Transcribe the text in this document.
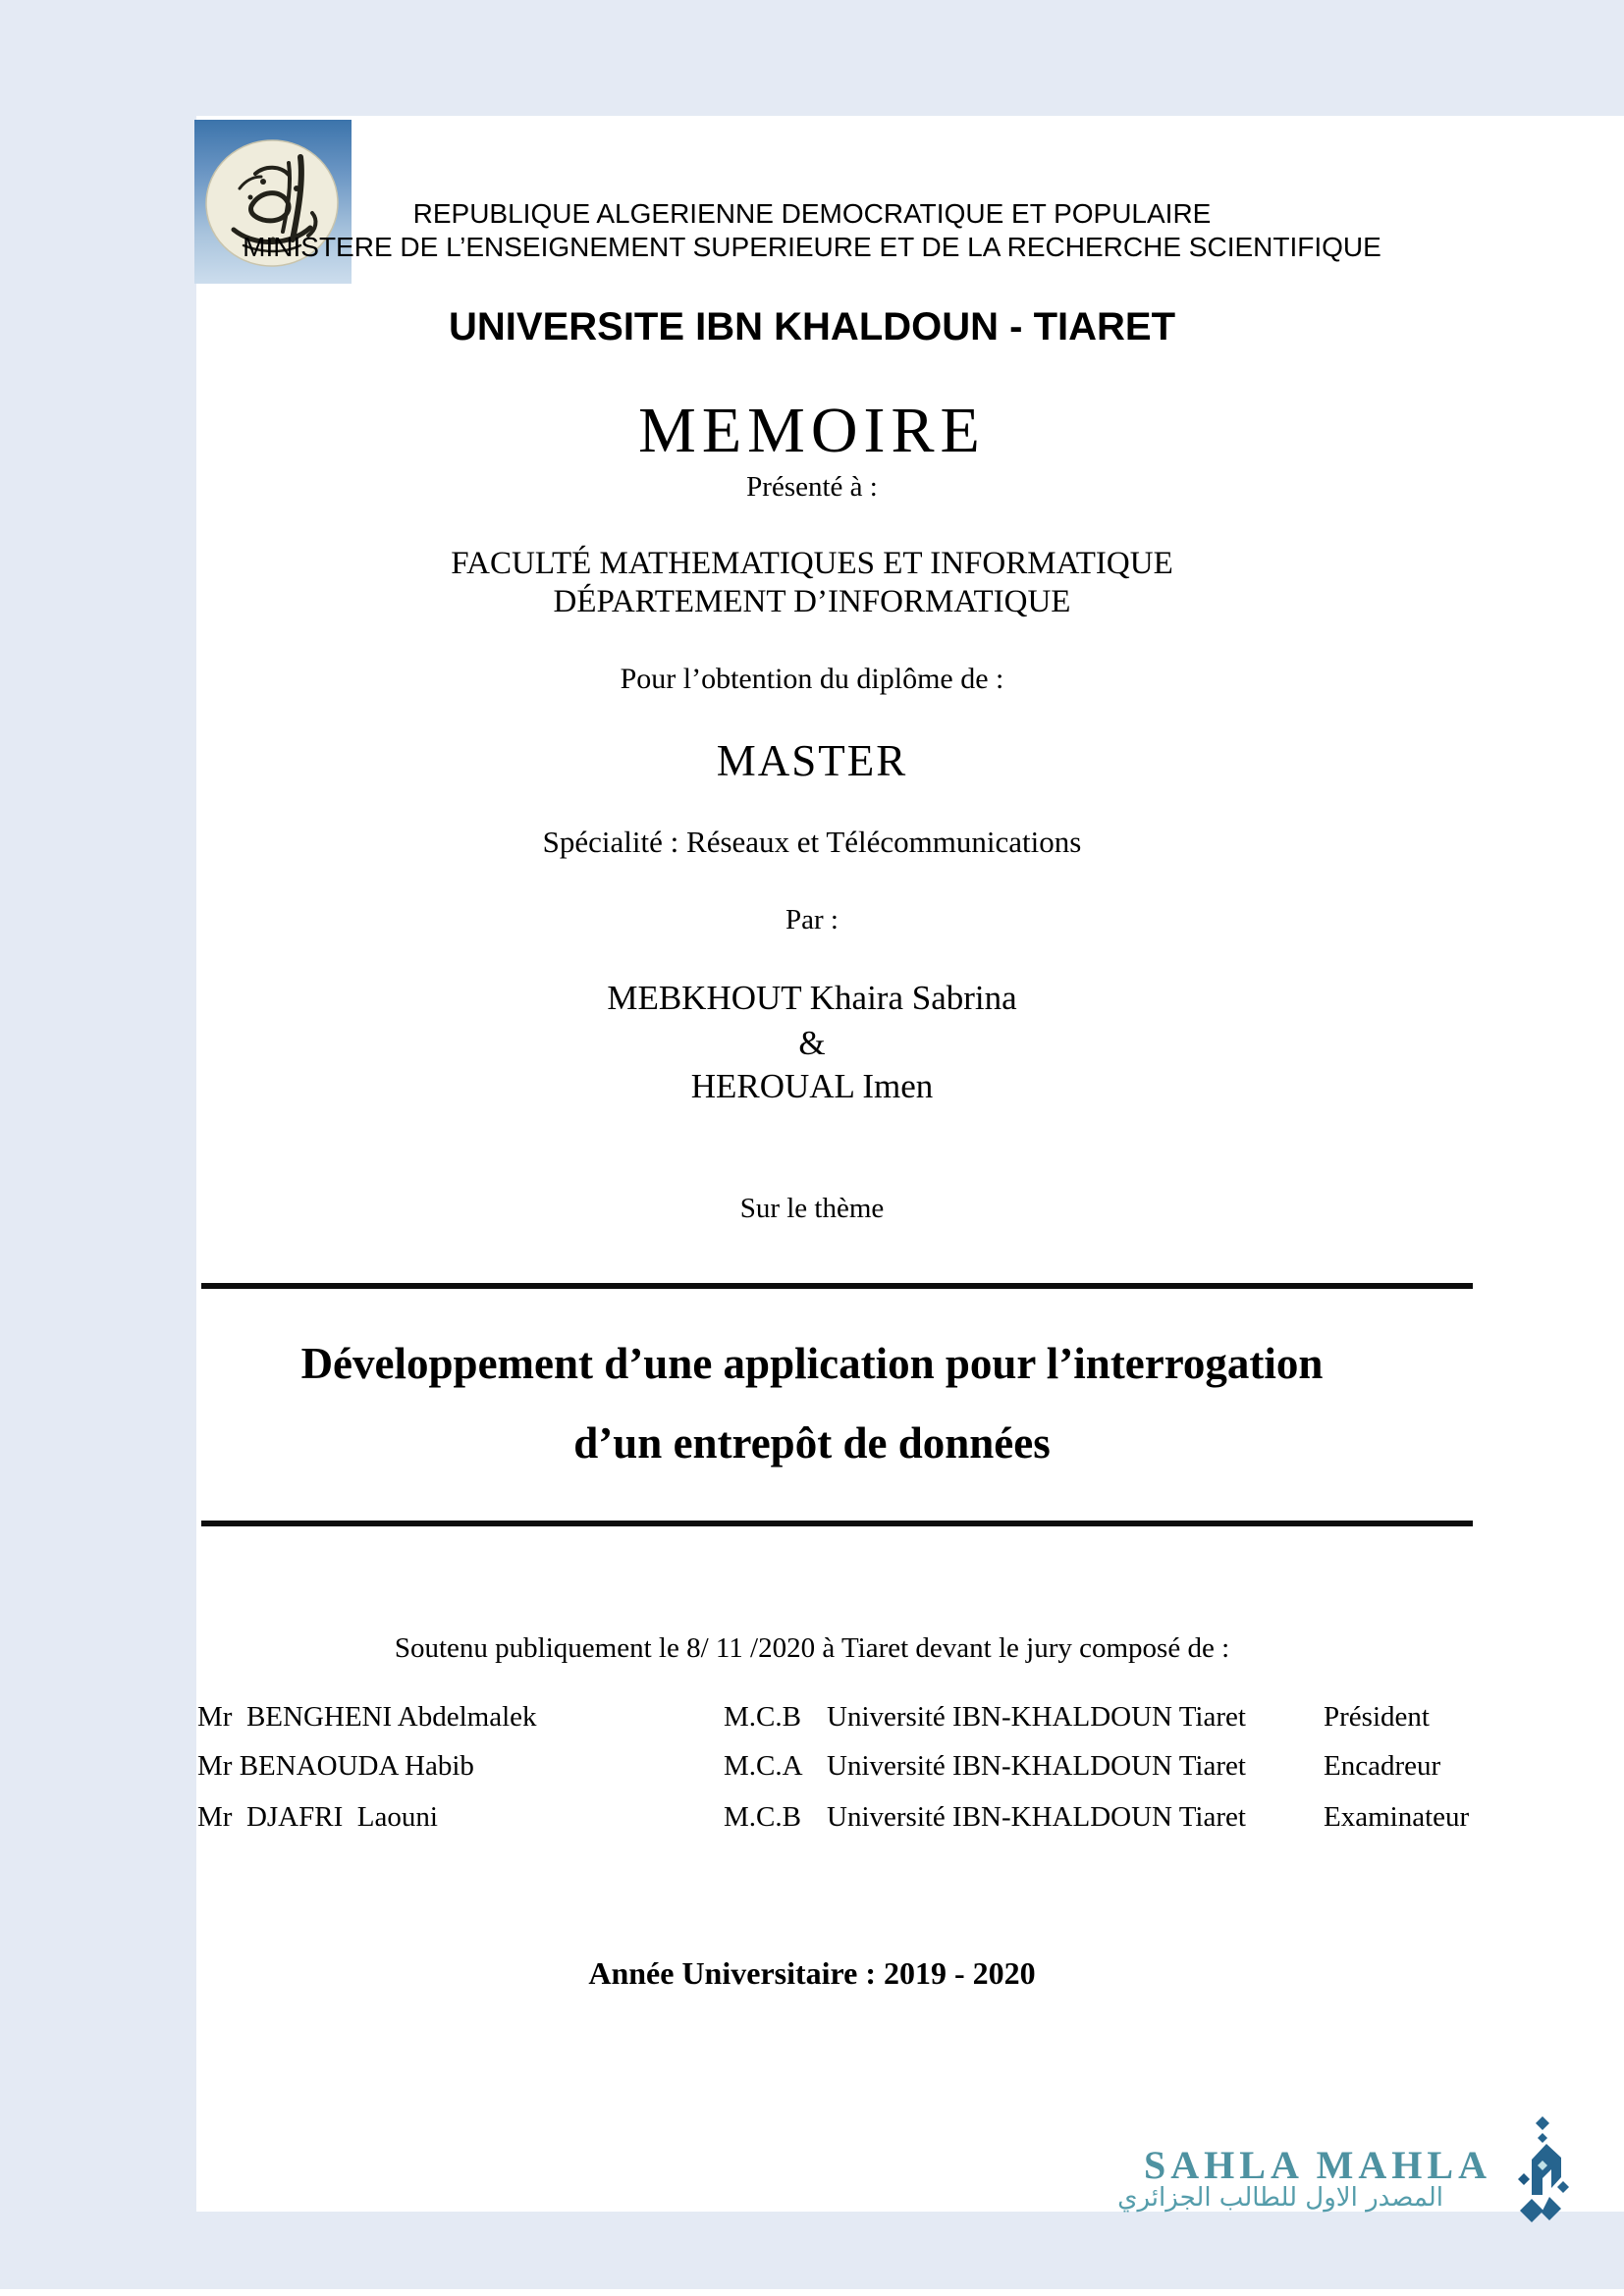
REPUBLIQUE ALGERIENNE DEMOCRATIQUE ET POPULAIRE
MINISTERE DE L’ENSEIGNEMENT SUPERIEURE ET DE LA RECHERCHE SCIENTIFIQUE
UNIVERSITE IBN KHALDOUN - TIARET
MEMOIRE
Présenté à :
FACULTÉ MATHEMATIQUES ET INFORMATIQUE
DÉPARTEMENT D’INFORMATIQUE
Pour l’obtention du diplôme de :
MASTER
Spécialité : Réseaux et Télécommunications
Par :
MEBKHOUT Khaira Sabrina
&
HEROUAL Imen
Sur le thème
Développement d’une application pour l’interrogation
d’un entrepôt de données
Soutenu publiquement le 8/ 11 /2020 à Tiaret devant le jury composé de :
Mr  BENGHENI Abdelmalek	M.C.B Université IBN-KHALDOUN Tiaret	Président
Mr BENAOUDA Habib	M.C.A Université IBN-KHALDOUN Tiaret	Encadreur
Mr  DJAFRI  Laouni	M.C.B Université IBN-KHALDOUN Tiaret	Examinateur
Année Universitaire : 2019 - 2020
SAHLA MAHLA
المصدر الاول للطالب الجزائري
